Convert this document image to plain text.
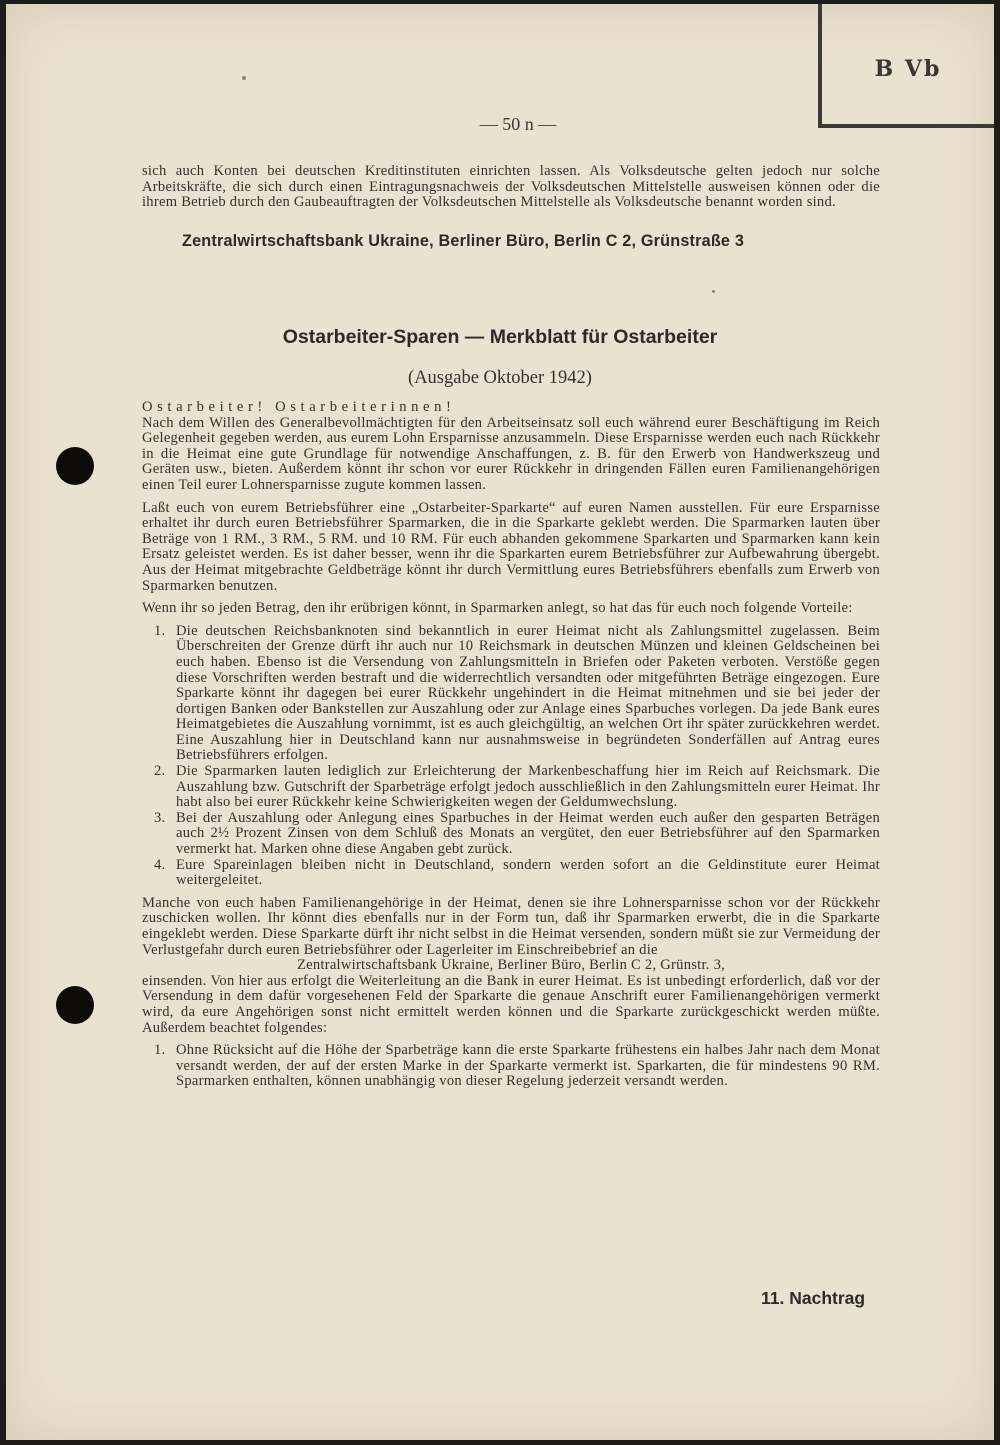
B Vb
— 50 n —

sich auch Konten bei deutschen Kreditinstituten einrichten lassen. Als Volksdeutsche gelten jedoch nur solche Arbeitskräfte, die sich durch einen Eintragungsnachweis der Volksdeutschen Mittelstelle ausweisen können oder die ihrem Betrieb durch den Gaubeauftragten der Volksdeutschen Mittelstelle als Volksdeutsche benannt worden sind.

Zentralwirtschaftsbank Ukraine, Berliner Büro, Berlin C 2, Grünstraße 3
Ostarbeiter-Sparen — Merkblatt für Ostarbeiter
(Ausgabe Oktober 1942)

Ostarbeiter! Ostarbeiterinnen!

Nach dem Willen des Generalbevollmächtigten für den Arbeitseinsatz soll euch während eurer Beschäftigung im Reich Gelegenheit gegeben werden, aus eurem Lohn Ersparnisse anzusammeln. Diese Ersparnisse werden euch nach Rückkehr in die Heimat eine gute Grundlage für notwendige Anschaffungen, z. B. für den Erwerb von Handwerkszeug und Geräten usw., bieten. Außerdem könnt ihr schon vor eurer Rückkehr in dringenden Fällen euren Familienangehörigen einen Teil eurer Lohnersparnisse zugute kommen lassen.

Laßt euch von eurem Betriebsführer eine „Ostarbeiter-Sparkarte“ auf euren Namen ausstellen. Für eure Ersparnisse erhaltet ihr durch euren Betriebsführer Sparmarken, die in die Sparkarte geklebt werden. Die Sparmarken lauten über Beträge von 1 RM., 3 RM., 5 RM. und 10 RM. Für euch abhanden gekommene Sparkarten und Sparmarken kann kein Ersatz geleistet werden. Es ist daher besser, wenn ihr die Sparkarten eurem Betriebsführer zur Aufbewahrung übergebt. Aus der Heimat mitgebrachte Geldbeträge könnt ihr durch Vermittlung eures Betriebsführers ebenfalls zum Erwerb von Sparmarken benutzen.

Wenn ihr so jeden Betrag, den ihr erübrigen könnt, in Sparmarken anlegt, so hat das für euch noch folgende Vorteile:

1. Die deutschen Reichsbanknoten sind bekanntlich in eurer Heimat nicht als Zahlungsmittel zugelassen. Beim Überschreiten der Grenze dürft ihr auch nur 10 Reichsmark in deutschen Münzen und kleinen Geldscheinen bei euch haben. Ebenso ist die Versendung von Zahlungsmitteln in Briefen oder Paketen verboten. Verstöße gegen diese Vorschriften werden bestraft und die widerrechtlich versandten oder mitgeführten Beträge eingezogen. Eure Sparkarte könnt ihr dagegen bei eurer Rückkehr ungehindert in die Heimat mitnehmen und sie bei jeder der dortigen Banken oder Bankstellen zur Auszahlung oder zur Anlage eines Sparbuches vorlegen. Da jede Bank eures Heimatgebietes die Auszahlung vornimmt, ist es auch gleichgültig, an welchen Ort ihr später zurückkehren werdet. Eine Auszahlung hier in Deutschland kann nur ausnahmsweise in begründeten Sonderfällen auf Antrag eures Betriebsführers erfolgen.
2. Die Sparmarken lauten lediglich zur Erleichterung der Markenbeschaffung hier im Reich auf Reichsmark. Die Auszahlung bzw. Gutschrift der Sparbeträge erfolgt jedoch ausschließlich in den Zahlungsmitteln eurer Heimat. Ihr habt also bei eurer Rückkehr keine Schwierigkeiten wegen der Geldumwechslung.
3. Bei der Auszahlung oder Anlegung eines Sparbuches in der Heimat werden euch außer den gesparten Beträgen auch 2½ Prozent Zinsen von dem Schluß des Monats an vergütet, den euer Betriebsführer auf den Sparmarken vermerkt hat. Marken ohne diese Angaben gebt zurück.
4. Eure Spareinlagen bleiben nicht in Deutschland, sondern werden sofort an die Geldinstitute eurer Heimat weitergeleitet.

Manche von euch haben Familienangehörige in der Heimat, denen sie ihre Lohnersparnisse schon vor der Rückkehr zuschicken wollen. Ihr könnt dies ebenfalls nur in der Form tun, daß ihr Sparmarken erwerbt, die in die Sparkarte eingeklebt werden. Diese Sparkarte dürft ihr nicht selbst in die Heimat versenden, sondern müßt sie zur Vermeidung der Verlustgefahr durch euren Betriebsführer oder Lagerleiter im Einschreibebrief an die

Zentralwirtschaftsbank Ukraine, Berliner Büro, Berlin C 2, Grünstr. 3,

einsenden. Von hier aus erfolgt die Weiterleitung an die Bank in eurer Heimat. Es ist unbedingt erforderlich, daß vor der Versendung in dem dafür vorgesehenen Feld der Sparkarte die genaue Anschrift eurer Familienangehörigen vermerkt wird, da eure Angehörigen sonst nicht ermittelt werden können und die Sparkarte zurückgeschickt werden müßte. Außerdem beachtet folgendes:

1. Ohne Rücksicht auf die Höhe der Sparbeträge kann die erste Sparkarte frühestens ein halbes Jahr nach dem Monat versandt werden, der auf der ersten Marke in der Sparkarte vermerkt ist. Sparkarten, die für mindestens 90 RM. Sparmarken enthalten, können unabhängig von dieser Regelung jederzeit versandt werden.
11. Nachtrag
